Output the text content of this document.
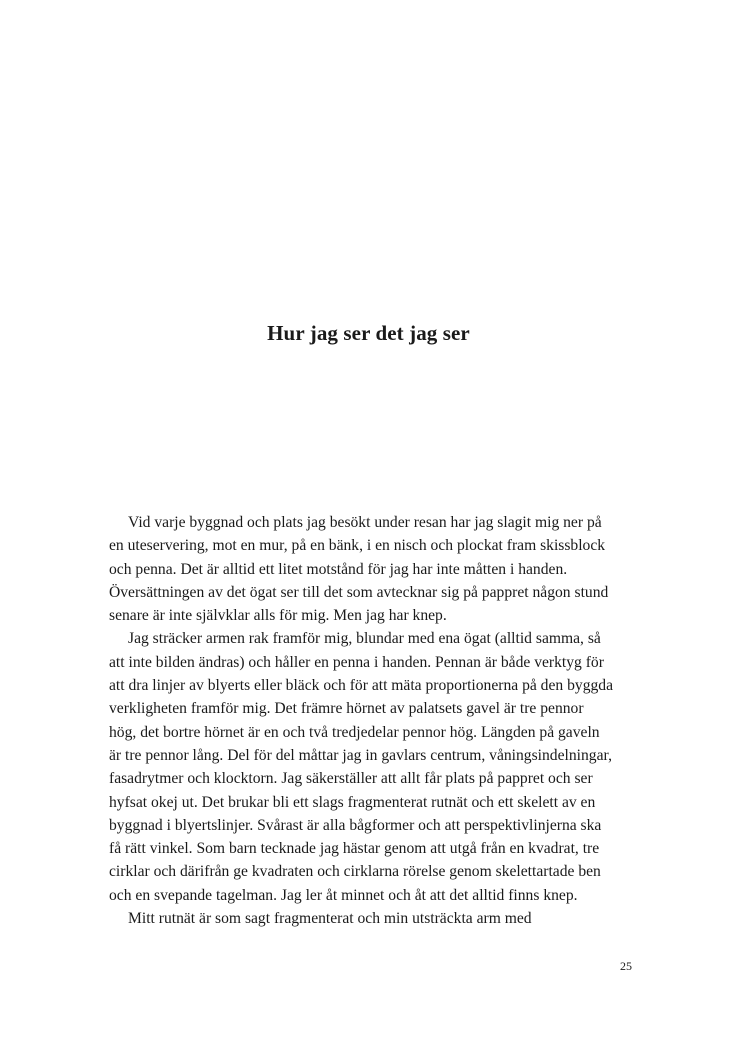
Hur jag ser det jag ser
Vid varje byggnad och plats jag besökt under resan har jag slagit mig ner på
en uteservering, mot en mur, på en bänk, i en nisch och plockat fram skissblock
och penna. Det är alltid ett litet motstånd för jag har inte måtten i handen.
Översättningen av det ögat ser till det som avtecknar sig på pappret någon stund
senare är inte självklar alls för mig. Men jag har knep.
Jag sträcker armen rak framför mig, blundar med ena ögat (alltid samma, så
att inte bilden ändras) och håller en penna i handen. Pennan är både verktyg för
att dra linjer av blyerts eller bläck och för att mäta proportionerna på den byggda
verkligheten framför mig. Det främre hörnet av palatsets gavel är tre pennor
hög, det bortre hörnet är en och två tredjedelar pennor hög. Längden på gaveln
är tre pennor lång. Del för del måttar jag in gavlars centrum, våningsindelningar,
fasadrytmer och klocktorn. Jag säkerställer att allt får plats på pappret och ser
hyfsat okej ut. Det brukar bli ett slags fragmenterat rutnät och ett skelett av en
byggnad i blyertslinjer. Svårast är alla bågformer och att perspektivlinjerna ska
få rätt vinkel. Som barn tecknade jag hästar genom att utgå från en kvadrat, tre
cirklar och därifrån ge kvadraten och cirklarna rörelse genom skelettartade ben
och en svepande tagelman. Jag ler åt minnet och åt att det alltid finns knep.
Mitt rutnät är som sagt fragmenterat och min utsträckta arm med
25
